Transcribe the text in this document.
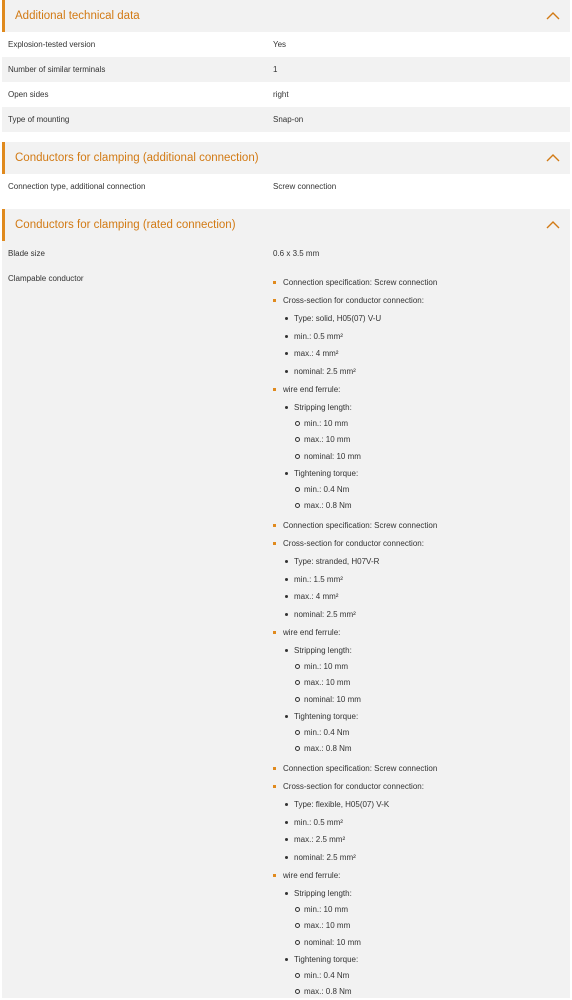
Additional technical data
Explosion-tested version	Yes
Number of similar terminals	1
Open sides	right
Type of mounting	Snap-on
Conductors for clamping (additional connection)
Connection type, additional connection	Screw connection
Conductors for clamping (rated connection)
Blade size	0.6 x 3.5 mm
Clampable conductor	Connection specification: Screw connection
Cross-section for conductor connection:
Type: solid, H05(07) V-U
min.: 0.5 mm²
max.: 4 mm²
nominal: 2.5 mm²
wire end ferrule:
Stripping length:
min.: 10 mm
max.: 10 mm
nominal: 10 mm
Tightening torque:
min.: 0.4 Nm
max.: 0.8 Nm
Connection specification: Screw connection
Cross-section for conductor connection:
Type: stranded, H07V-R
min.: 1.5 mm²
max.: 4 mm²
nominal: 2.5 mm²
wire end ferrule:
Stripping length:
min.: 10 mm
max.: 10 mm
nominal: 10 mm
Tightening torque:
min.: 0.4 Nm
max.: 0.8 Nm
Connection specification: Screw connection
Cross-section for conductor connection:
Type: flexible, H05(07) V-K
min.: 0.5 mm²
max.: 2.5 mm²
nominal: 2.5 mm²
wire end ferrule:
Stripping length:
min.: 10 mm
max.: 10 mm
nominal: 10 mm
Tightening torque:
min.: 0.4 Nm
max.: 0.8 Nm
